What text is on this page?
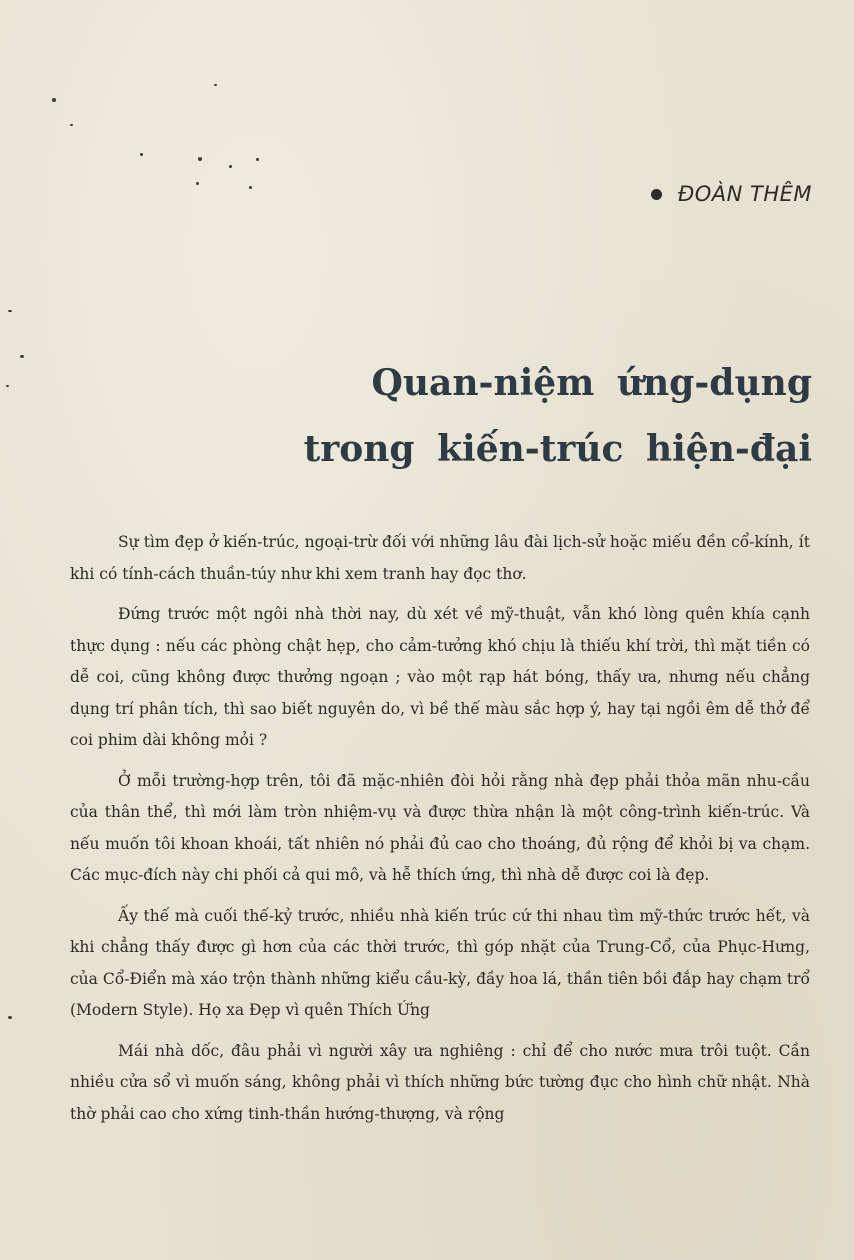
ĐOÀN THÊM
Quan-niệm ứng-dụng
trong kiến-trúc hiện-đại

Sự tìm đẹp ở kiến-trúc, ngoại-trừ đối với những lâu đài lịch-sử hoặc miếu đền cổ-kính, ít khi có tính-cách thuần-túy như khi xem tranh hay đọc thơ.

Đứng trước một ngôi nhà thời nay, dù xét về mỹ-thuật, vẫn khó lòng quên khía cạnh thực dụng : nếu các phòng chật hẹp, cho cảm-tưởng khó chịu là thiếu khí trời, thì mặt tiền có dễ coi, cũng không được thưởng ngoạn ; vào một rạp hát bóng, thấy ưa, nhưng nếu chẳng dụng trí phân tích, thì sao biết nguyên do, vì bề thế màu sắc hợp ý, hay tại ngồi êm dễ thở để coi phim dài không mỏi ?

Ở mỗi trường-hợp trên, tôi đã mặc-nhiên đòi hỏi rằng nhà đẹp phải thỏa mãn nhu-cầu của thân thể, thì mới làm tròn nhiệm-vụ và được thừa nhận là một công-trình kiến-trúc. Và nếu muốn tôi khoan khoái, tất nhiên nó phải đủ cao cho thoáng, đủ rộng để khỏi bị va chạm. Các mục-đích này chi phối cả qui mô, và hễ thích ứng, thì nhà dễ được coi là đẹp.

Ấy thế mà cuối thế-kỷ trước, nhiều nhà kiến trúc cứ thi nhau tìm mỹ-thức trước hết, và khi chẳng thấy được gì hơn của các thời trước, thì góp nhặt của Trung-Cổ, của Phục-Hưng, của Cổ-Điển mà xáo trộn thành những kiểu cầu-kỳ, đầy hoa lá, thần tiên bồi đắp hay chạm trổ (Modern Style). Họ xa Đẹp vì quên Thích Ứng

Mái nhà dốc, đâu phải vì người xây ưa nghiêng : chỉ để cho nước mưa trôi tuột. Cần nhiều cửa sổ vì muốn sáng, không phải vì thích những bức tường đục cho hình chữ nhật. Nhà thờ phải cao cho xứng tinh-thần hướng-thượng, và rộng
